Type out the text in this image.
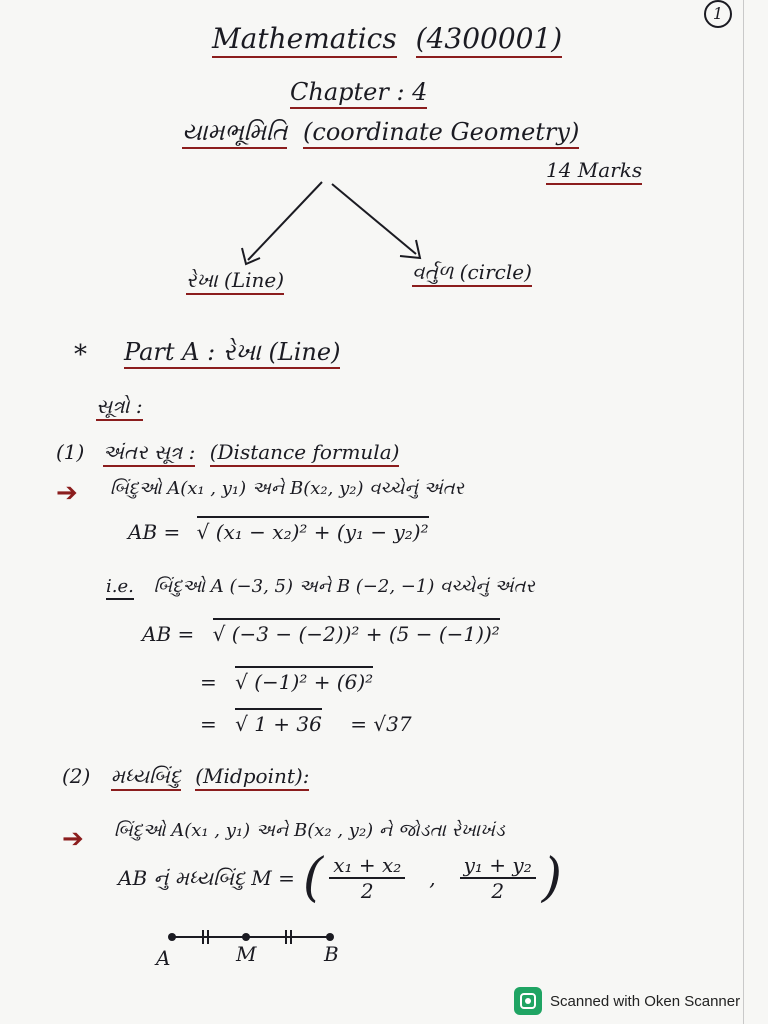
1
Mathematics (4300001)
Chapter : 4
યામભૂમિતિ (coordinate Geometry)
14 Marks
રેખા (Line)	વર્તુળ (circle)
* Part A : રેખા (Line)
સૂત્રો :
(1) અંતર સૂત્ર : (Distance formula)
➔ બિંદુઓ A(x₁ , y₁) અને B(x₂, y₂) વચ્ચેનું અંતર
AB = √ (x₁ − x₂)² + (y₁ − y₂)²
i.e. બિંદુઓ A (−3, 5) અને B (−2, −1) વચ્ચેનું અંતર
AB = √ (−3 − (−2))² + (5 − (−1))²
= √ (−1)² + (6)²
= √ 1 + 36 = √37
(2) મધ્યબિંદુ (Midpoint):
➔ બિંદુઓ A(x₁ , y₁) અને B(x₂ , y₂) ને જોડતા રેખાખંડ
AB નું મધ્યબિંદુ M = ( $\frac{\text{x₁ + x₂}}{2}$ , $\frac{\text{y₁ + y₂}}{2}$ )
A	M	B
Scanned with Oken Scanner
